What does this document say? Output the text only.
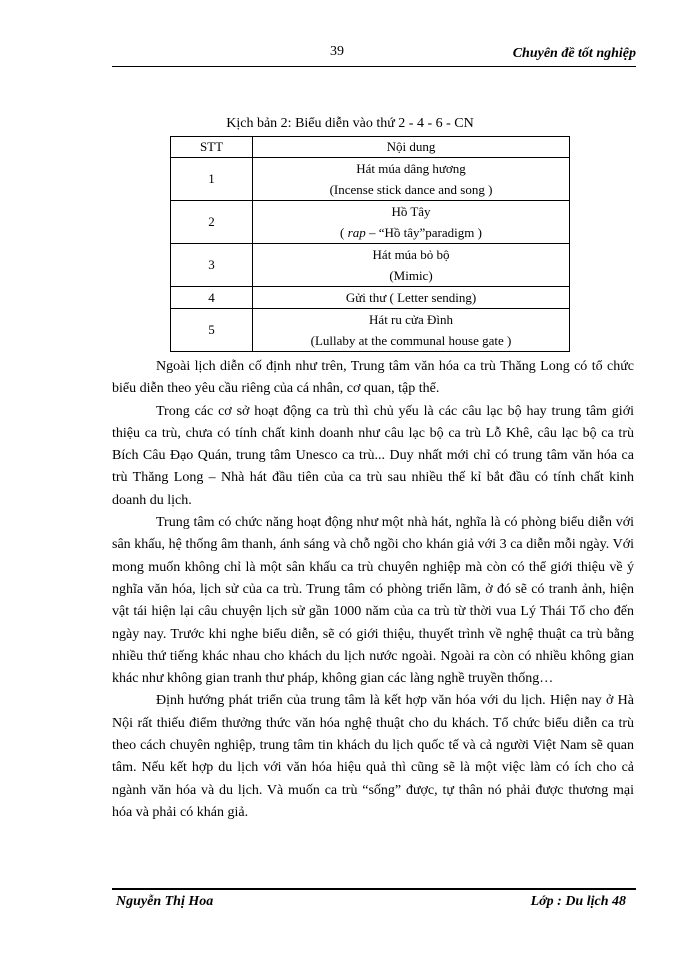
39	Chuyên đề tốt nghiệp
Kịch bản 2: Biểu diễn vào thứ 2 - 4 - 6 - CN
STT	Nội dung
1	Hát múa dâng hương
(Incense stick dance and song )

2	Hồ Tây
( rap – “Hồ tây”paradigm )

3	Hát múa bỏ bộ
(Mimic)

4	Gửi thư ( Letter sending)

5	Hát ru cửa Đình
(Lullaby at the communal house gate )

Ngoài lịch diễn cố định như trên, Trung tâm văn hóa ca trù Thăng Long có tổ chức biểu diễn theo yêu cầu riêng của cá nhân, cơ quan, tập thể.

Trong các cơ sở hoạt động ca trù thì chủ yếu là các câu lạc bộ hay trung tâm giới thiệu ca trù, chưa có tính chất kinh doanh như câu lạc bộ ca trù Lỗ Khê, câu lạc bộ ca trù Bích Câu Đạo Quán, trung tâm Unesco ca trù... Duy nhất mới chỉ có trung tâm văn hóa ca trù Thăng Long – Nhà hát đầu tiên của ca trù sau nhiều thế kỉ bắt đầu có tính chất kinh doanh du lịch.

Trung tâm có chức năng hoạt động như một nhà hát, nghĩa là có phòng biểu diễn với sân khấu, hệ thống âm thanh, ánh sáng và chỗ ngồi cho khán giả với 3 ca diễn mỗi ngày. Với mong muốn không chỉ là một sân khấu ca trù chuyên nghiệp mà còn có thể giới thiệu về ý nghĩa văn hóa, lịch sử của ca trù. Trung tâm có phòng triển lãm, ở đó sẽ có tranh ảnh, hiện vật tái hiện lại câu chuyện lịch sử gần 1000 năm của ca trù từ thời vua Lý Thái Tổ cho đến ngày nay. Trước khi nghe biểu diễn, sẽ có giới thiệu, thuyết trình về nghệ thuật ca trù bằng nhiều thứ tiếng khác nhau cho khách du lịch nước ngoài. Ngoài ra còn có nhiều không gian khác như không gian tranh thư pháp, không gian các làng nghề truyền thống…

Định hướng phát triển của trung tâm là kết hợp văn hóa với du lịch. Hiện nay ở Hà Nội rất thiếu điểm thưởng thức văn hóa nghệ thuật cho du khách. Tổ chức biểu diễn ca trù theo cách chuyên nghiệp, trung tâm tin khách du lịch quốc tế và cả người Việt Nam sẽ quan tâm. Nếu kết hợp du lịch với văn hóa hiệu quả thì cũng sẽ là một việc làm có ích cho cả ngành văn hóa và du lịch. Và muốn ca trù “sống” được, tự thân nó phải được thương mại hóa và phải có khán giả.

Nguyễn Thị Hoa	Lớp : Du lịch 48
